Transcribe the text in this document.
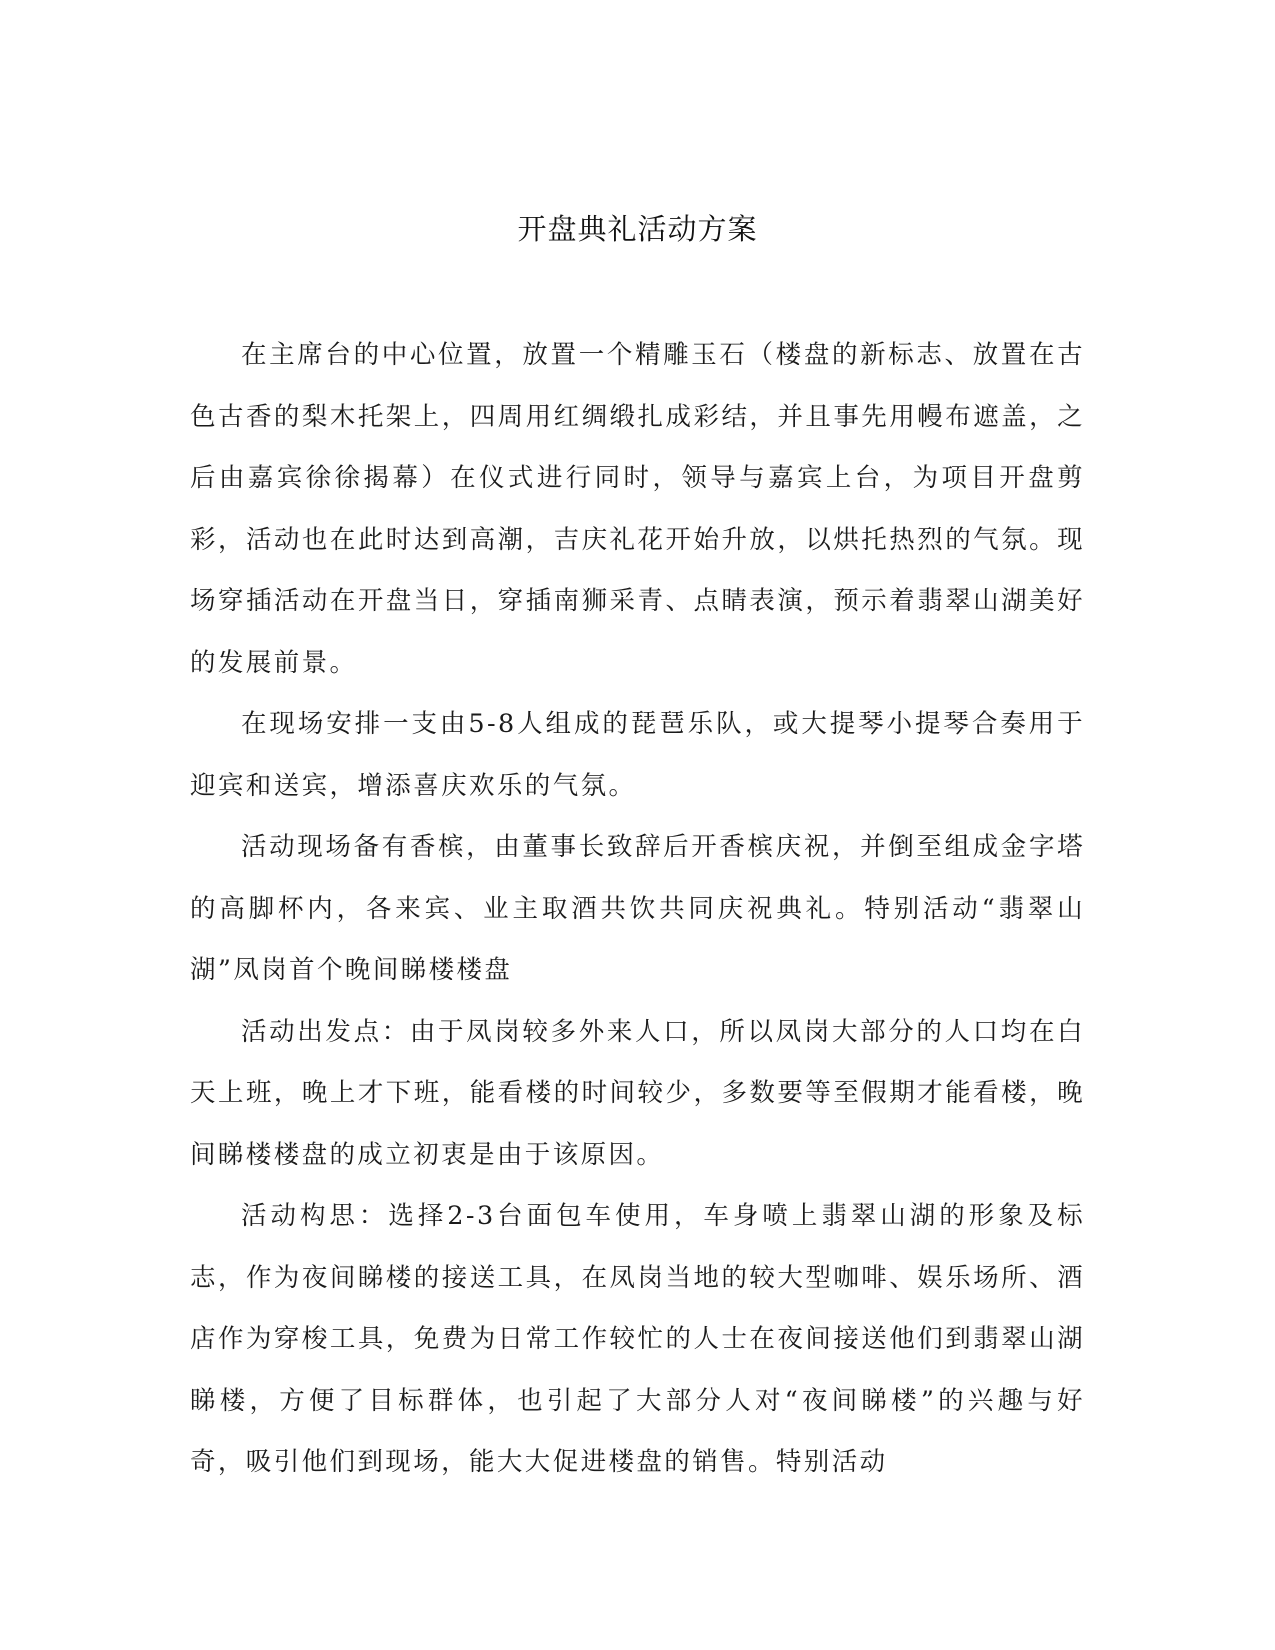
开盘典礼活动方案

在主席台的中心位置，放置一个精雕玉石（楼盘的新标志、放置在古色古香的梨木托架上，四周用红绸缎扎成彩结，并且事先用幔布遮盖，之后由嘉宾徐徐揭幕）在仪式进行同时，领导与嘉宾上台，为项目开盘剪彩，活动也在此时达到高潮，吉庆礼花开始升放，以烘托热烈的气氛。现场穿插活动在开盘当日，穿插南狮采青、点睛表演，预示着翡翠山湖美好的发展前景。

在现场安排一支由5-8人组成的琵琶乐队，或大提琴小提琴合奏用于迎宾和送宾，增添喜庆欢乐的气氛。

活动现场备有香槟，由董事长致辞后开香槟庆祝，并倒至组成金字塔的高脚杯内，各来宾、业主取酒共饮共同庆祝典礼。特别活动“翡翠山湖”凤岗首个晚间睇楼楼盘

活动出发点：由于凤岗较多外来人口，所以凤岗大部分的人口均在白天上班，晚上才下班，能看楼的时间较少，多数要等至假期才能看楼，晚间睇楼楼盘的成立初衷是由于该原因。

活动构思：选择2-3台面包车使用，车身喷上翡翠山湖的形象及标志，作为夜间睇楼的接送工具，在凤岗当地的较大型咖啡、娱乐场所、酒店作为穿梭工具，免费为日常工作较忙的人士在夜间接送他们到翡翠山湖睇楼，方便了目标群体，也引起了大部分人对“夜间睇楼”的兴趣与好奇，吸引他们到现场，能大大促进楼盘的销售。特别活动
